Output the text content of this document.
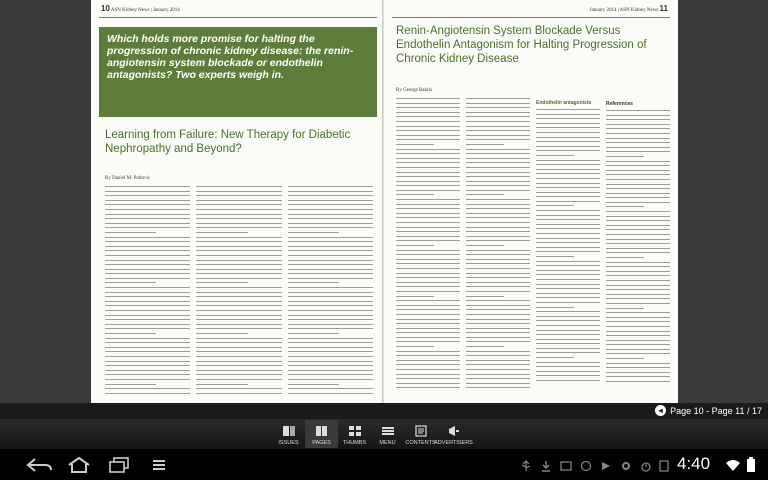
10 ASN Kidney News | January 2014

Which holds more promise for halting the progression of chronic kidney disease: the renin-angiotensin system blockade or endothelin antagonists? Two experts weigh in.

Learning from Failure: New Therapy for Diabetic Nephropathy and Beyond?
By Daniel M. Poltovic
January 2014 | ASN Kidney News 11
Renin-Angiotensin System Blockade Versus Endothelin Antagonism for Halting Progression of Chronic Kidney Disease
By George Bakris
Endothelin antagonists	References
◂ Page 10 - Page 11 / 17
ISSUES PAGES THUMBS MENU CONTENTS
ADVERTISERS
4:40
